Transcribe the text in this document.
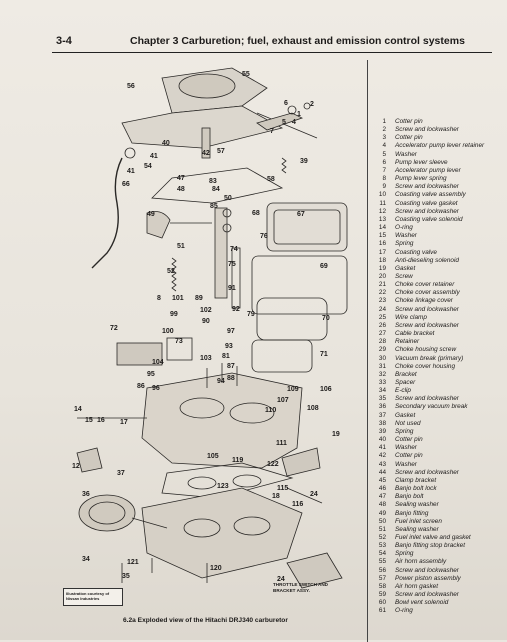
3-4	Chapter 3 Carburetion; fuel, exhaust and emission control systems
56
55
6	2
4
5
1
7
40
42 57
41
54
41
39
66
58
47	83
48	84
49
50
85
68	67
51
76
74
75	69
52
91
8 101 89
99
102	92
79
70
90
72	100	97
73
93
71
104
103 81
95
87
86
94
96
88
109	106
107
108
110
14
15 16 17
19
111
12
105
119
122
18
37
115
24
36
123
116
34	121
120
35	24
Illustration courtesy of Nissan Industries
THROTTLE SWITCH AND
BRACKET ASSY.
6.2a Exploded view of the Hitachi DRJ340 carburetor
1	Cotter pin
2	Screw and lockwasher
3	Cotter pin
4	Accelerator pump lever retainer
5	Washer
6	Pump lever sleeve
7	Accelerator pump lever
8	Pump lever spring
9	Screw and lockwasher
10	Coasting valve assembly
11	Coasting valve gasket
12	Screw and lockwasher
13	Coasting valve solenoid
14	O-ring
15	Washer
16	Spring
17	Coasting valve
18	Anti-dieseling solenoid
19	Gasket
20	Screw
21	Choke cover retainer
22	Choke cover assembly
23	Choke linkage cover
24	Screw and lockwasher
25	Wire clamp
26	Screw and lockwasher
27	Cable bracket
28	Retainer
29	Choke housing screw
30	Vacuum break (primary)
31	Choke cover housing
32	Bracket
33	Spacer
34	E-clip
35	Screw and lockwasher
36	Secondary vacuum break
37	Gasket
38	Not used
39	Spring
40	Cotter pin
41	Washer
42	Cotter pin
43	Washer
44	Screw and lockwasher
45	Clamp bracket
46	Banjo bolt lock
47	Banjo bolt
48	Sealing washer
49	Banjo fitting
50	Fuel inlet screen
51	Sealing washer
52	Fuel inlet valve and gasket
53	Banjo fitting stop bracket
54	Spring
55	Air horn assembly
56	Screw and lockwasher
57	Power piston assembly
58	Air horn gasket
59	Screw and lockwasher
60	Bowl vent solenoid
61	O-ring
